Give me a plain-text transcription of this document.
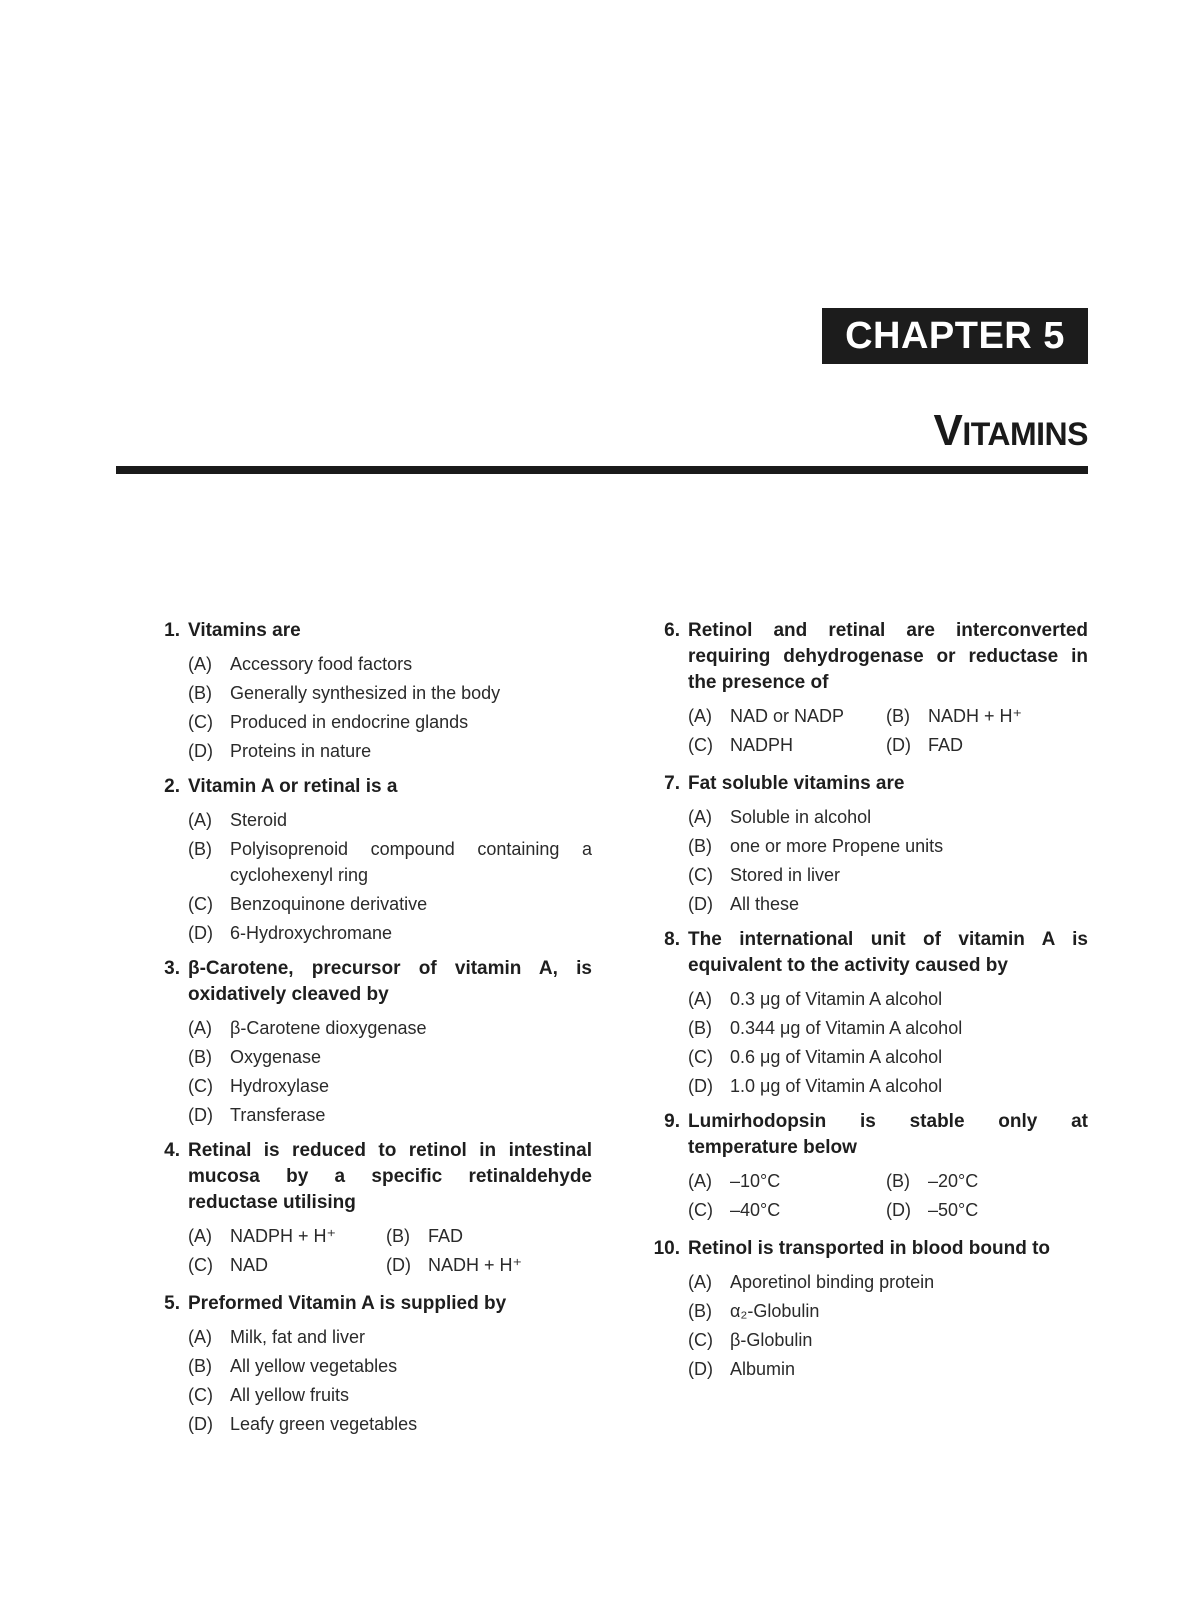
CHAPTER 5
VITAMINS
1. Vitamins are
(A)	Accessory food factors
(B)	Generally synthesized in the body
(C) Produced in endocrine glands
(D) Proteins in nature
2. Vitamin A or retinal is a
(A)	Steroid
(B)	Polyisoprenoid compound containing a cyclohexenyl ring
(C) Benzoquinone derivative
(D) 6-Hydroxychromane
3. β-Carotene, precursor of vitamin A, is oxidatively cleaved by
(A)	β-Carotene dioxygenase
(B)	Oxygenase
(C) Hydroxylase
(D) Transferase
4. Retinal is reduced to retinol in intestinal mucosa by a specific retinaldehyde reductase utilising
(A)	NADPH + H⁺	(B)	FAD
(C) NAD	(D) NADH + H⁺
5. Preformed Vitamin A is supplied by
(A)	Milk, fat and liver
(B)	All yellow vegetables
(C) All yellow fruits
(D) Leafy green vegetables
6. Retinol and retinal are interconverted requiring dehydrogenase or reductase in the presence of
(A)	NAD or NADP	(B)	NADH + H⁺
(C) NADPH	(D) FAD
7. Fat soluble vitamins are
(A)	Soluble in alcohol
(B)	one or more Propene units
(C) Stored in liver
(D) All these
8. The international unit of vitamin A is equivalent to the activity caused by
(A)	0.3 μg of Vitamin A alcohol
(B)	0.344 μg of Vitamin A alcohol
(C) 0.6 μg of Vitamin A alcohol
(D) 1.0 μg of Vitamin A alcohol
9. Lumirhodopsin is stable only at temperature below
(A)	–10°C	(B)	–20°C
(C) –40°C	(D) –50°C
10. Retinol is transported in blood bound to
(A)	Aporetinol binding protein
(B)	α₂-Globulin
(C) β-Globulin
(D) Albumin
